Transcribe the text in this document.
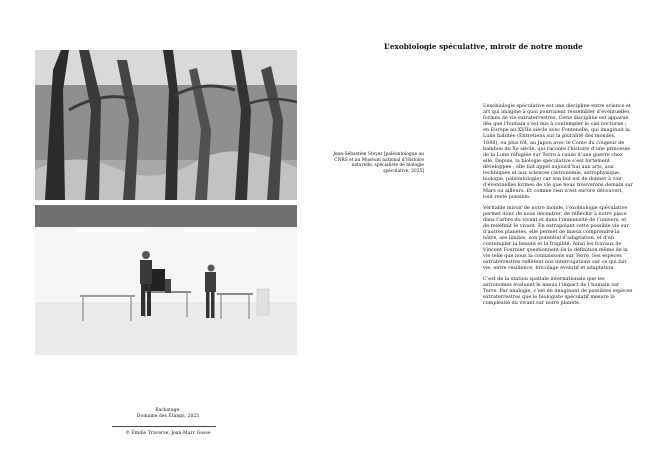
L’exobiologie spéculative, miroir de notre monde
Jean-Sébastien Steyer [paléontologue au CNRS et au Muséum national d’Histoire naturelle, spécialiste de biologie spéculative, 2025]

L’exobiologie spéculative est une discipline entre science et art qui imagine à quoi pourraient ressembler d’éventuelles formes de vie extraterrestres. Cette discipline est apparue dès que l’humain s’est mis à contempler le ciel nocturne ; en Europe au XVIIe siècle avec Fontenelle, qui imaginait la Lune habitée (Entretiens sur la pluralité des mondes, 1686), ou plus tôt, au Japon avec le Conte du coupeur de bambou du Xe siècle, qui raconte l’histoire d’une princesse de la Lune réfugiée sur Terre à cause d’une guerre chez elle. Depuis, la biologie spéculative s’est fortement développée ; elle fait appel aujourd’hui aux arts, aux techniques et aux sciences (astronomie, astrophysique, biologie, paléontologie) car son but est de donner à voir d’éventuelles formes de vie que nous trouverons demain sur Mars ou ailleurs. Et comme rien n’est encore découvert, tout reste possible.

Véritable miroir de notre monde, l’exobiologie spéculative permet donc de nous décentrer, de réfléchir à notre place dans l’arbre du vivant et dans l’immensité de l’univers, et de redéfinir le vivant. En extrapolant cette possible vie sur d’autres planètes, elle permet de mieux comprendre la nôtre, ses limites, son potentiel d’adaptation, et d’en contempler la beauté et la fragilité. Ainsi les travaux de Vincent Fournier questionnent-ils la définition même de la vie telle que nous la connaissons sur Terre. Ses espèces extraterrestres reflètent nos interrogations sur ce qui fait vie, entre résilience, bricolage évolutif et adaptation.

C’est de la station spatiale internationale que les astronomes évaluent le mieux l’impact de l’humain sur Terre. Par analogie, c’est en imaginant de possibles espèces extraterrestres que le biologiste spéculatif mesure la complexité du vivant sur notre planète.

Backstage,
Domaine des Étangs, 2025
© Émilie Traverse, Jean-Marc Gosse
